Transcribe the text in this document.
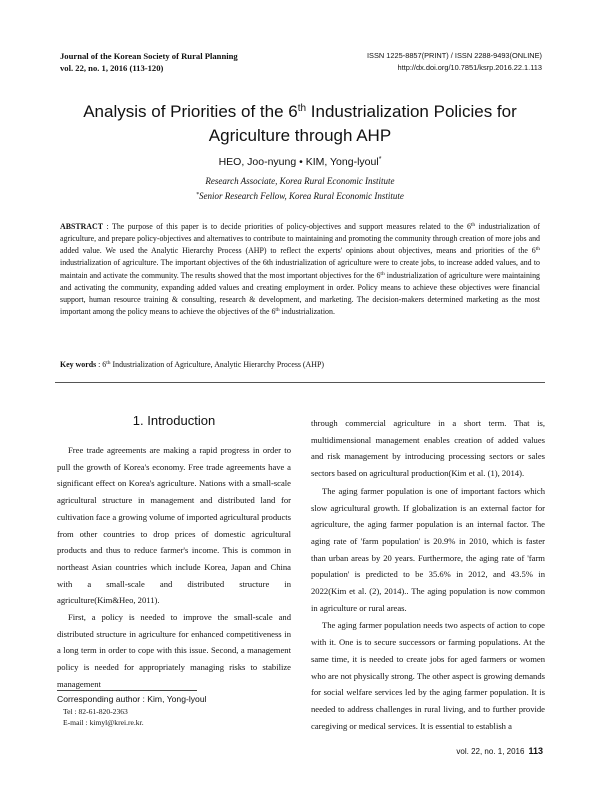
Journal of the Korean Society of Rural Planning
vol. 22, no. 1, 2016 (113-120)
ISSN 1225-8857(PRINT) / ISSN 2288-9493(ONLINE)
http://dx.doi.org/10.7851/ksrp.2016.22.1.113
Analysis of Priorities of the 6th Industrialization Policies for
Agriculture through AHP
HEO, Joo-nyung • KIM, Yong-lyoul*
Research Associate, Korea Rural Economic Institute
*Senior Research Fellow, Korea Rural Economic Institute
ABSTRACT : The purpose of this paper is to decide priorities of policy-objectives and support measures related to the 6th industrialization of agriculture, and prepare policy-objectives and alternatives to contribute to maintaining and promoting the community through creation of more jobs and added value. We used the Analytic Hierarchy Process (AHP) to reflect the experts' opinions about objectives, means and priorities of the 6th industrialization of agriculture. The important objectives of the 6th industrialization of agriculture were to create jobs, to increase added values, and to maintain and activate the community. The results showed that the most important objectives for the 6th industrialization of agriculture were maintaining and activating the community, expanding added values and creating employment in order. Policy means to achieve these objectives were financial support, human resource training & consulting, research & development, and marketing. The decision-makers determined marketing as the most important among the policy means to achieve the objectives of the 6th industrialization.
Key words : 6th Industrialization of Agriculture, Analytic Hierarchy Process (AHP)
1. Introduction

Free trade agreements are making a rapid progress in order to pull the growth of Korea's economy. Free trade agreements have a significant effect on Korea's agriculture. Nations with a small-scale agricultural structure in management and distributed land for cultivation face a growing volume of imported agricultural products from other countries to drop prices of domestic agricultural products and thus to reduce farmer's income. This is common in northeast Asian countries which include Korea, Japan and China with a small-scale and distributed structure in agriculture(Kim&Heo, 2011).

First, a policy is needed to improve the small-scale and distributed structure in agriculture for enhanced competitiveness in a long term in order to cope with this issue. Second, a management policy is needed for appropriately managing risks to stabilize management

through commercial agriculture in a short term. That is, multidimensional management enables creation of added values and risk management by introducing processing sectors or sales sectors based on agricultural production(Kim et al. (1), 2014).

The aging farmer population is one of important factors which slow agricultural growth. If globalization is an external factor for agriculture, the aging farmer population is an internal factor. The aging rate of 'farm population' is 20.9% in 2010, which is faster than urban areas by 20 years. Furthermore, the aging rate of 'farm population' is predicted to be 35.6% in 2012, and 43.5% in 2022(Kim et al. (2), 2014).. The aging population is now common in agriculture or rural areas.

The aging farmer population needs two aspects of action to cope with it. One is to secure successors or farming populations. At the same time, it is needed to create jobs for aged farmers or women who are not physically strong. The other aspect is growing demands for social welfare services led by the aging farmer population. It is needed to address challenges in rural living, and to further provide caregiving or medical services. It is essential to establish a

Corresponding author : Kim, Yong-lyoul
Tel : 82-61-820-2363
E-mail : kimyl@krei.re.kr.
vol. 22, no. 1, 2016 113
